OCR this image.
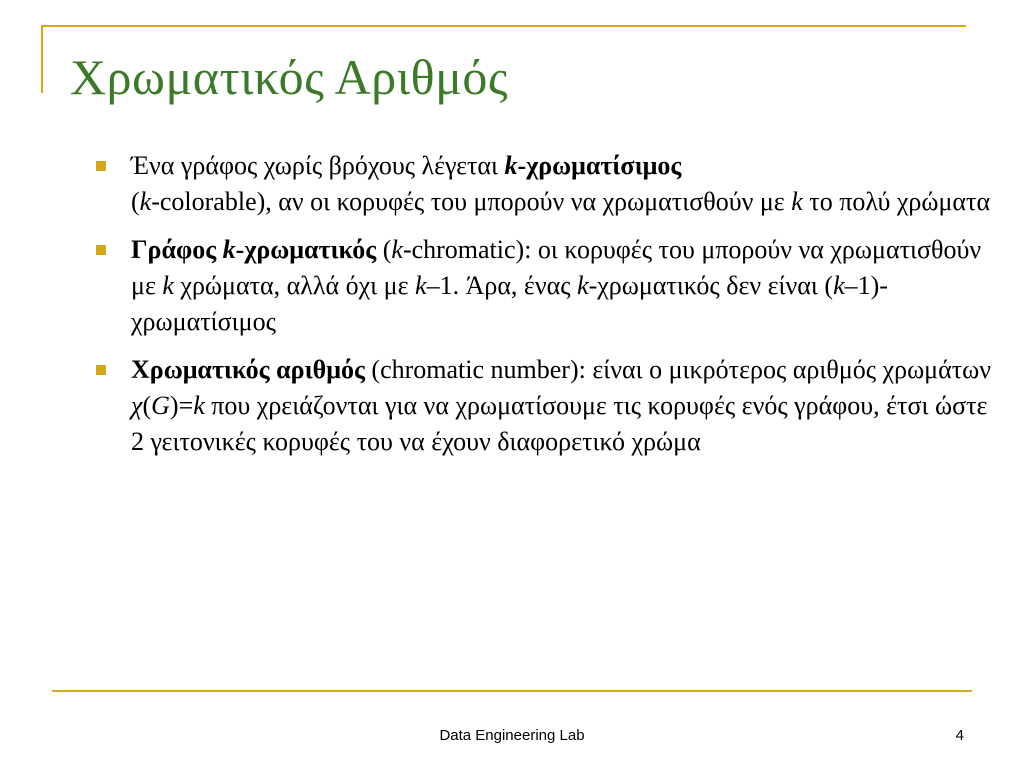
Χρωματικός Αριθμός
Ένα γράφος χωρίς βρόχους λέγεται k-χρωματίσιμος
(k-colorable), αν οι κορυφές του μπορούν να χρωματισθούν με k το πολύ χρώματα
Γράφος k-χρωματικός (k-chromatic): οι κορυφές του μπορούν να χρωματισθούν με k χρώματα, αλλά όχι με k–1. Άρα, ένας k-χρωματικός δεν είναι (k–1)-χρωματίσιμος
Χρωματικός αριθμός (chromatic number): είναι ο μικρότερος αριθμός χρωμάτων χ(G)=k που χρειάζονται για να χρωματίσουμε τις κορυφές ενός γράφου, έτσι ώστε 2 γειτονικές κορυφές του να έχουν διαφορετικό χρώμα
Data Engineering Lab	4
